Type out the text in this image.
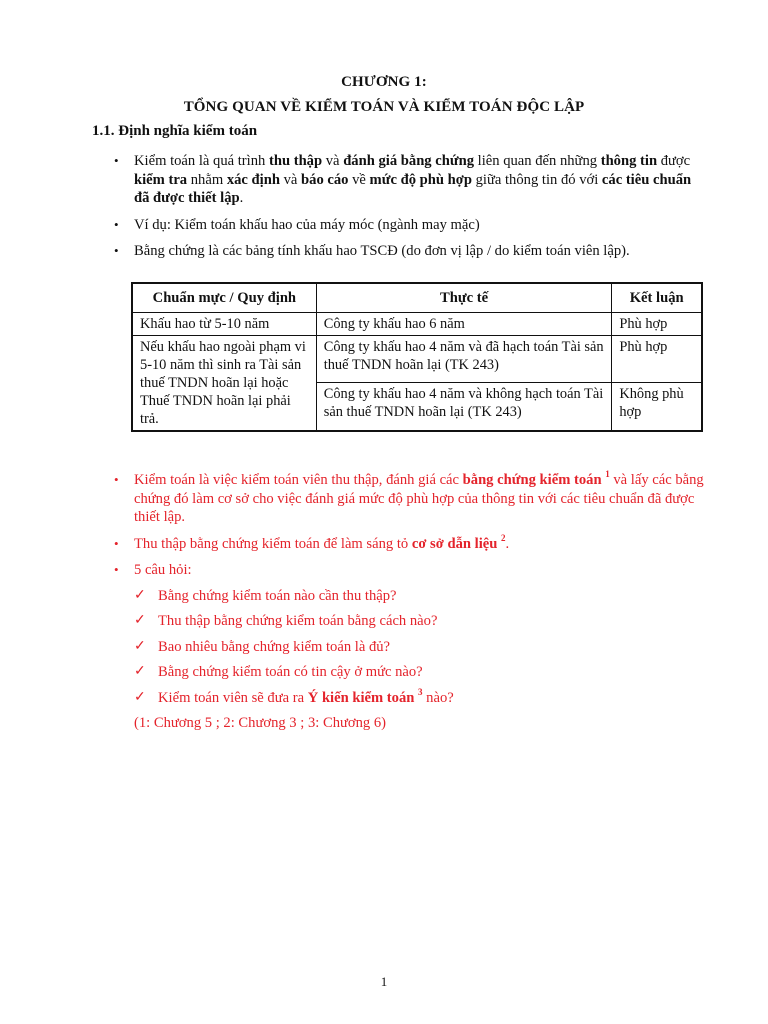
CHƯƠNG 1:
TỔNG QUAN VỀ KIỂM TOÁN VÀ KIỂM TOÁN ĐỘC LẬP
1.1. Định nghĩa kiểm toán
• Kiểm toán là quá trình thu thập và đánh giá bằng chứng liên quan đến những thông tin được kiểm tra nhằm xác định và báo cáo về mức độ phù hợp giữa thông tin đó với các tiêu chuẩn đã được thiết lập.
• Ví dụ: Kiểm toán khấu hao của máy móc (ngành may mặc)
• Bằng chứng là các bảng tính khấu hao TSCĐ (do đơn vị lập / do kiểm toán viên lập).
Chuẩn mực / Quy định	Thực tế	Kết luận
Khấu hao từ 5-10 năm	Công ty khấu hao 6 năm	Phù hợp
Nếu khấu hao ngoài phạm vi 5-10 năm thì sinh ra Tài sản thuế TNDN hoãn lại hoặc Thuế TNDN hoãn lại phải trả.	Công ty khấu hao 4 năm và đã hạch toán Tài sản thuế TNDN hoãn lại (TK 243)	Phù hợp
	Công ty khấu hao 4 năm và không hạch toán Tài sản thuế TNDN hoãn lại (TK 243)	Không phù hợp
• Kiểm toán là việc kiểm toán viên thu thập, đánh giá các bằng chứng kiểm toán $^1$ và lấy các bằng chứng đó làm cơ sở cho việc đánh giá mức độ phù hợp của thông tin với các tiêu chuẩn đã được thiết lập.
• Thu thập bằng chứng kiểm toán để làm sáng tỏ cơ sở dẫn liệu $^2$.
• 5 câu hỏi:
✓ Bằng chứng kiểm toán nào cần thu thập?
✓ Thu thập bằng chứng kiểm toán bằng cách nào?
✓ Bao nhiêu bằng chứng kiểm toán là đủ?
✓ Bằng chứng kiểm toán có tin cậy ở mức nào?
✓ Kiểm toán viên sẽ đưa ra Ý kiến kiểm toán $^3$ nào?
(1: Chương 5 ; 2: Chương 3 ; 3: Chương 6)
1
